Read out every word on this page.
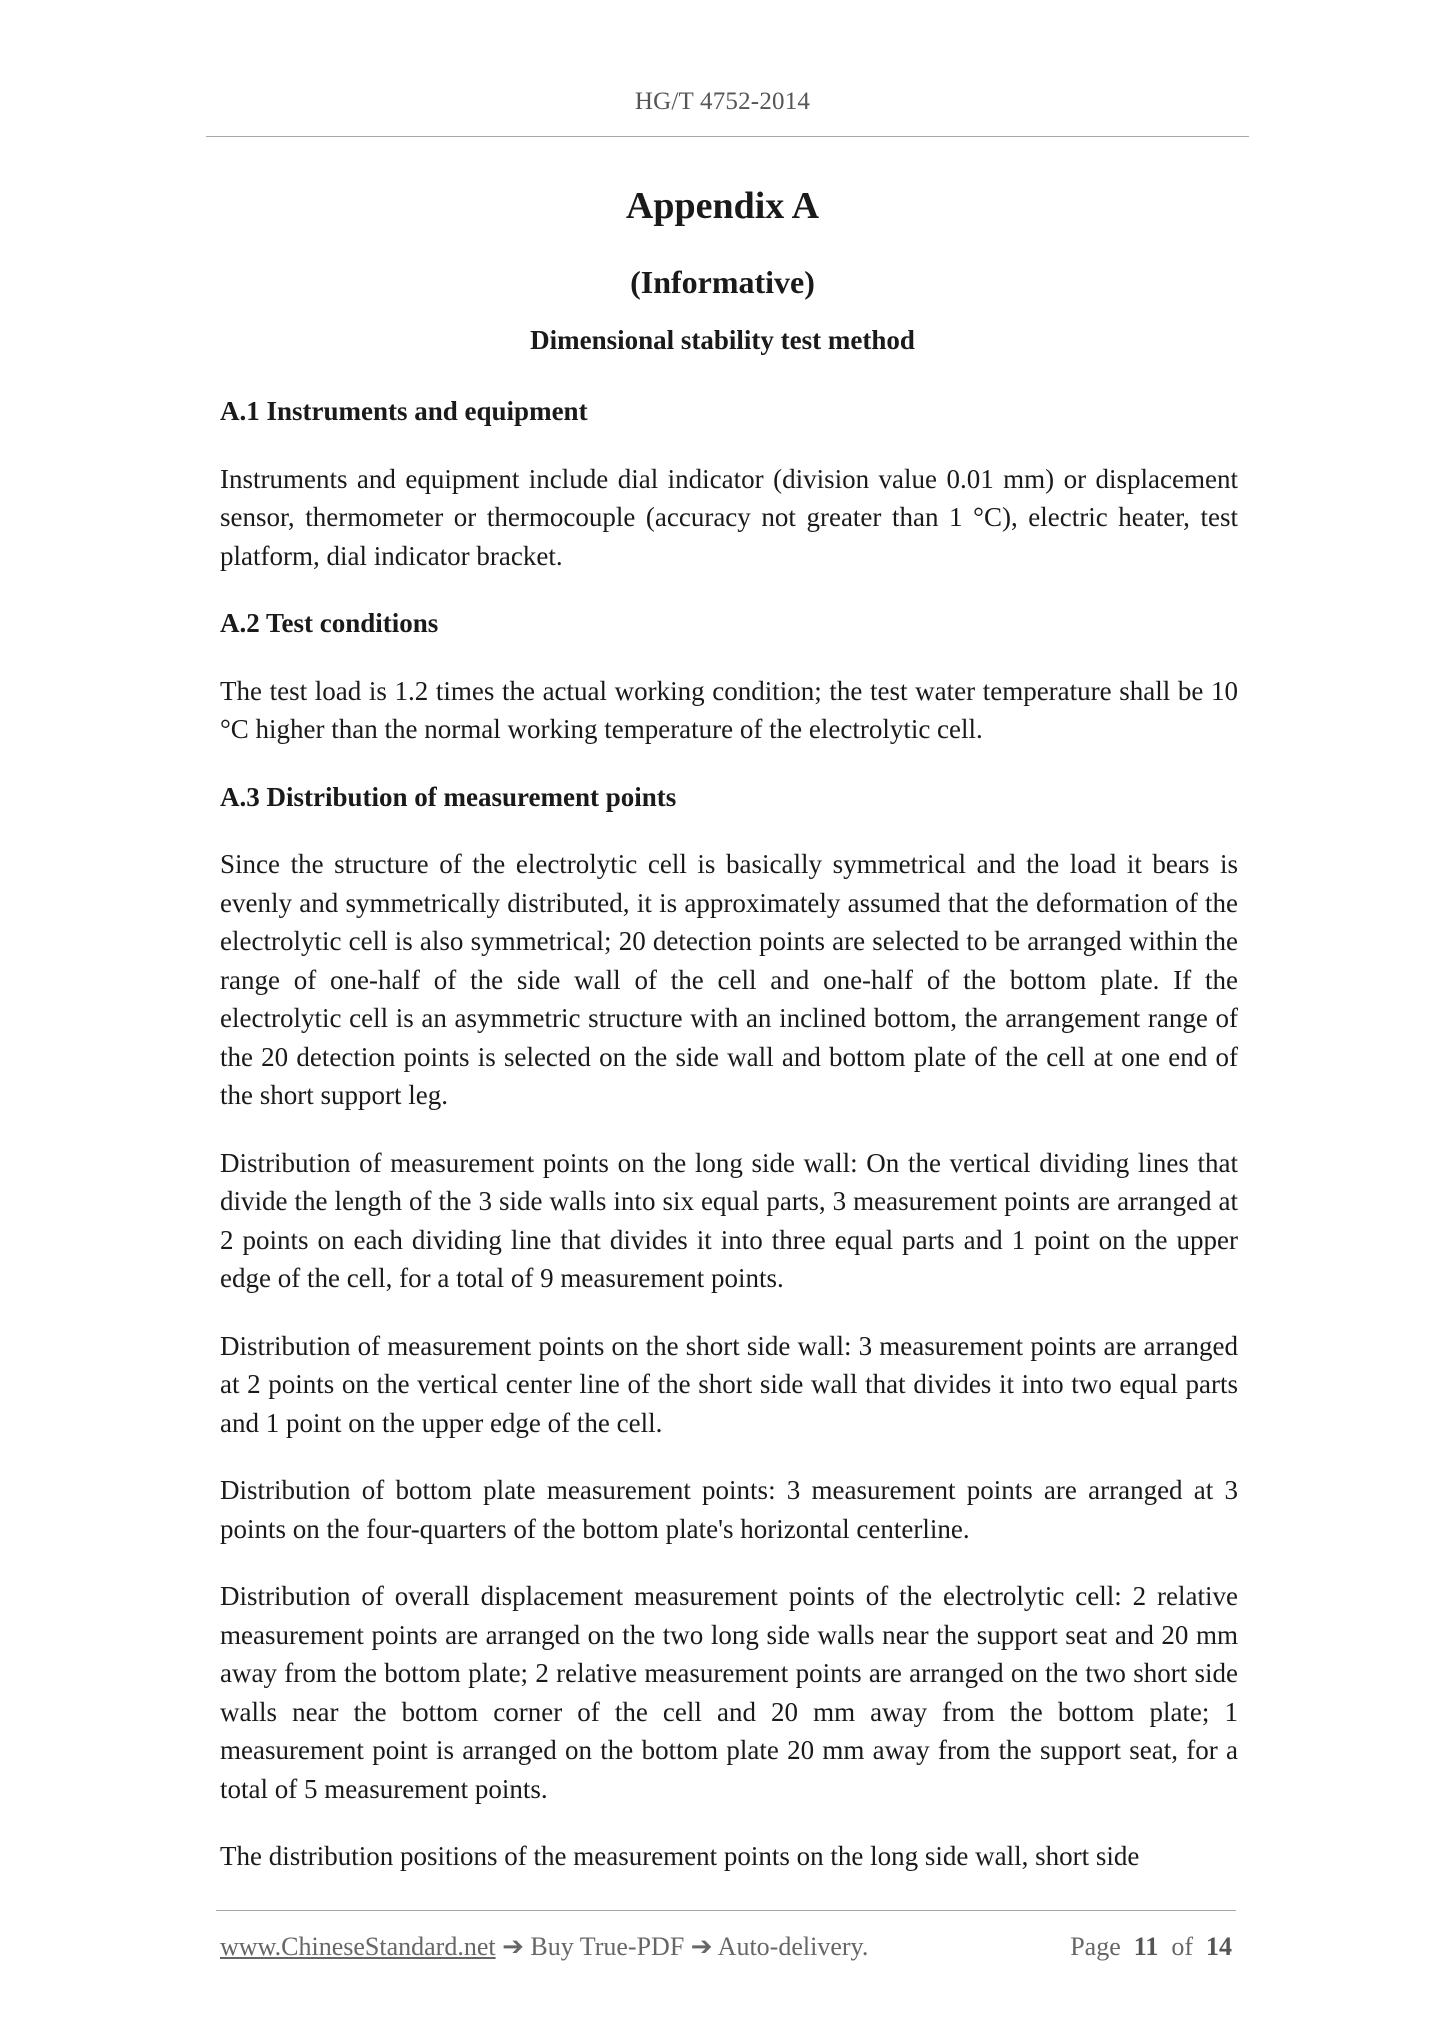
HG/T 4752-2014
Appendix A
(Informative)
Dimensional stability test method
A.1 Instruments and equipment

Instruments and equipment include dial indicator (division value 0.01 mm) or displacement sensor, thermometer or thermocouple (accuracy not greater than 1 °C), electric heater, test platform, dial indicator bracket.

A.2 Test conditions

The test load is 1.2 times the actual working condition; the test water temperature shall be 10 °C higher than the normal working temperature of the electrolytic cell.

A.3 Distribution of measurement points

Since the structure of the electrolytic cell is basically symmetrical and the load it bears is evenly and symmetrically distributed, it is approximately assumed that the deformation of the electrolytic cell is also symmetrical; 20 detection points are selected to be arranged within the range of one-half of the side wall of the cell and one-half of the bottom plate. If the electrolytic cell is an asymmetric structure with an inclined bottom, the arrangement range of the 20 detection points is selected on the side wall and bottom plate of the cell at one end of the short support leg.

Distribution of measurement points on the long side wall: On the vertical dividing lines that divide the length of the 3 side walls into six equal parts, 3 measurement points are arranged at 2 points on each dividing line that divides it into three equal parts and 1 point on the upper edge of the cell, for a total of 9 measurement points.

Distribution of measurement points on the short side wall: 3 measurement points are arranged at 2 points on the vertical center line of the short side wall that divides it into two equal parts and 1 point on the upper edge of the cell.

Distribution of bottom plate measurement points: 3 measurement points are arranged at 3 points on the four-quarters of the bottom plate's horizontal centerline.

Distribution of overall displacement measurement points of the electrolytic cell: 2 relative measurement points are arranged on the two long side walls near the support seat and 20 mm away from the bottom plate; 2 relative measurement points are arranged on the two short side walls near the bottom corner of the cell and 20 mm away from the bottom plate; 1 measurement point is arranged on the bottom plate 20 mm away from the support seat, for a total of 5 measurement points.

The distribution positions of the measurement points on the long side wall, short side

www.ChineseStandard.net ➔ Buy True-PDF ➔ Auto-delivery.	Page 11 of 14
